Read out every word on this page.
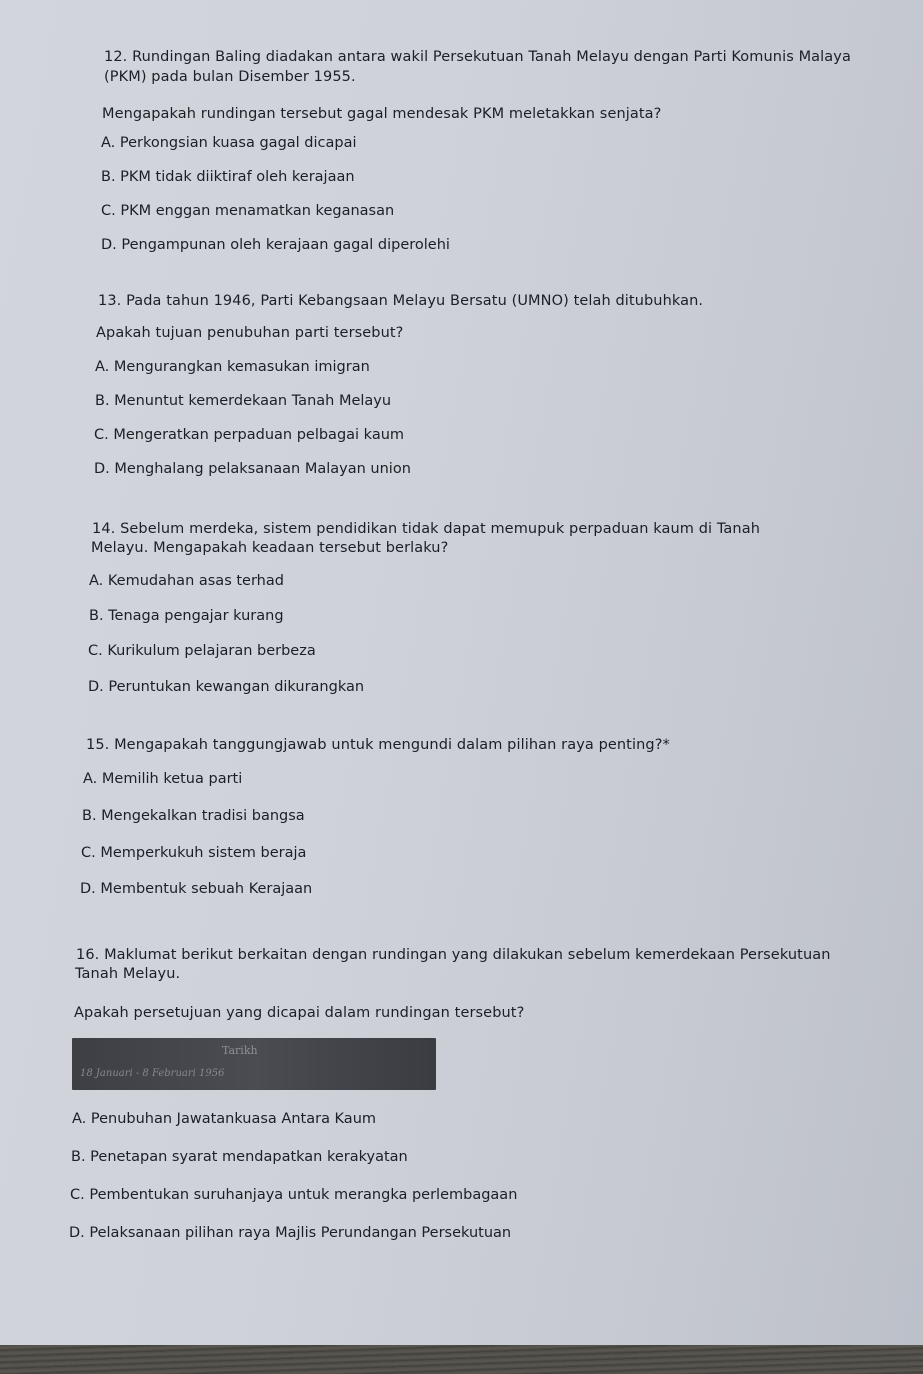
12. Rundingan Baling diadakan antara wakil Persekutuan Tanah Melayu dengan Parti Komunis Malaya
(PKM) pada bulan Disember 1955.
Mengapakah rundingan tersebut gagal mendesak PKM meletakkan senjata?
A. Perkongsian kuasa gagal dicapai
B. PKM tidak diiktiraf oleh kerajaan
C. PKM enggan menamatkan keganasan
D. Pengampunan oleh kerajaan gagal diperolehi
13. Pada tahun 1946, Parti Kebangsaan Melayu Bersatu (UMNO) telah ditubuhkan.
Apakah tujuan penubuhan parti tersebut?
A. Mengurangkan kemasukan imigran
B. Menuntut kemerdekaan Tanah Melayu
C. Mengeratkan perpaduan pelbagai kaum
D. Menghalang pelaksanaan Malayan union
14. Sebelum merdeka, sistem pendidikan tidak dapat memupuk perpaduan kaum di Tanah
Melayu. Mengapakah keadaan tersebut berlaku?
A. Kemudahan asas terhad
B. Tenaga pengajar kurang
C. Kurikulum pelajaran berbeza
D. Peruntukan kewangan dikurangkan
15. Mengapakah tanggungjawab untuk mengundi dalam pilihan raya penting?*
A. Memilih ketua parti
B. Mengekalkan tradisi bangsa
C. Memperkukuh sistem beraja
D. Membentuk sebuah Kerajaan
16. Maklumat berikut berkaitan dengan rundingan yang dilakukan sebelum kemerdekaan Persekutuan
Tanah Melayu.
Apakah persetujuan yang dicapai dalam rundingan tersebut?
Tarikh
18 Januari - 8 Februari 1956
A. Penubuhan Jawatankuasa Antara Kaum
B. Penetapan syarat mendapatkan kerakyatan
C. Pembentukan suruhanjaya untuk merangka perlembagaan
D. Pelaksanaan pilihan raya Majlis Perundangan Persekutuan
